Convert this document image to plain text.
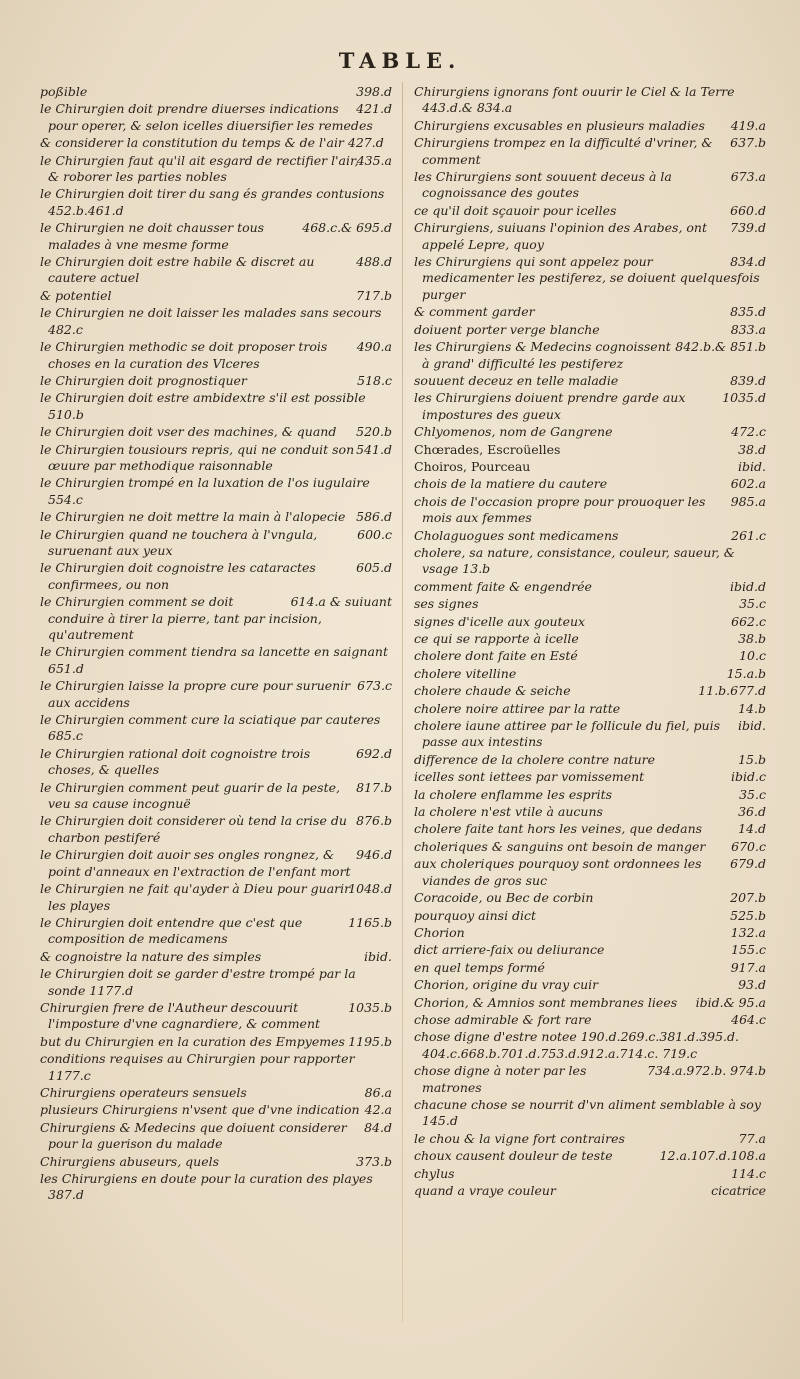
TABLE.
398.d
poßible
421.d
le Chirurgien doit prendre diuerses indications pour operer, & selon icelles diuersifier les remedes
& considerer la constitution du temps & de l'air 427.d
435.a
le Chirurgien faut qu'il ait esgard de rectifier l'air, & roborer les parties nobles
le Chirurgien doit tirer du sang és grandes contusions 452.b.461.d
468.c.& 695.d
le Chirurgien ne doit chausser tous malades à vne mesme forme
488.d
le Chirurgien doit estre habile & discret au cautere actuel
717.b
& potentiel
le Chirurgien ne doit laisser les malades sans secours 482.c
490.a
le Chirurgien methodic se doit proposer trois choses en la curation des Vlceres
518.c
le Chirurgien doit prognostiquer
le Chirurgien doit estre ambidextre s'il est possible 510.b
520.b
le Chirurgien doit vser des machines, & quand
541.d
le Chirurgien tousiours repris, qui ne conduit son œuure par methodique raisonnable
le Chirurgien trompé en la luxation de l'os iugulaire 554.c
586.d
le Chirurgien ne doit mettre la main à l'alopecie
600.c
le Chirurgien quand ne touchera à l'vngula, suruenant aux yeux
605.d
le Chirurgien doit cognoistre les cataractes confirmees, ou non
614.a & suiuant
le Chirurgien comment se doit conduire à tirer la pierre, tant par incision, qu'autrement
le Chirurgien comment tiendra sa lancette en saignant 651.d
673.c
le Chirurgien laisse la propre cure pour suruenir aux accidens
le Chirurgien comment cure la sciatique par cauteres 685.c
692.d
le Chirurgien rational doit cognoistre trois choses, & quelles
817.b
le Chirurgien comment peut guarir de la peste, veu sa cause incognuë
876.b
le Chirurgien doit considerer où tend la crise du charbon pestiferé
946.d
le Chirurgien doit auoir ses ongles rongnez, & point d'anneaux en l'extraction de l'enfant mort
1048.d
le Chirurgien ne fait qu'ayder à Dieu pour guarir les playes
1165.b
le Chirurgien doit entendre que c'est que composition de medicamens
ibid.
& cognoistre la nature des simples
le Chirurgien doit se garder d'estre trompé par la sonde 1177.d
1035.b
Chirurgien frere de l'Autheur descouurit l'imposture d'vne cagnardiere, & comment
1195.b
but du Chirurgien en la curation des Empyemes
conditions requises au Chirurgien pour rapporter 1177.c
86.a
Chirurgiens operateurs sensuels
42.a
plusieurs Chirurgiens n'vsent que d'vne indication
84.d
Chirurgiens & Medecins que doiuent considerer pour la guerison du malade
373.b
Chirurgiens abuseurs, quels
les Chirurgiens en doute pour la curation des playes 387.d
Chirurgiens ignorans font ouurir le Ciel & la Terre 443.d.& 834.a
419.a
Chirurgiens excusables en plusieurs maladies
637.b
Chirurgiens trompez en la difficulté d'vriner, & comment
673.a
les Chirurgiens sont souuent deceus à la cognoissance des goutes
660.d
ce qu'il doit sçauoir pour icelles
739.d
Chirurgiens, suiuans l'opinion des Arabes, ont appelé Lepre, quoy
834.d
les Chirurgiens qui sont appelez pour medicamenter les pestiferez, se doiuent quelquesfois purger
835.d
& comment garder
833.a
doiuent porter verge blanche
842.b.& 851.b
les Chirurgiens & Medecins cognoissent à grand' difficulté les pestiferez
839.d
souuent deceuz en telle maladie
1035.d
les Chirurgiens doiuent prendre garde aux impostures des gueux
472.c
Chlyomenos, nom de Gangrene
38.d
Chœrades, Escroüelles
ibid.
Choiros, Pourceau
602.a
chois de la matiere du cautere
985.a
chois de l'occasion propre pour prouoquer les mois aux femmes
261.c
Cholaguogues sont medicamens
cholere, sa nature, consistance, couleur, saueur, & vsage 13.b
ibid.d
comment faite & engendrée
35.c
ses signes
662.c
signes d'icelle aux gouteux
38.b
ce qui se rapporte à icelle
10.c
cholere dont faite en Esté
15.a.b
cholere vitelline
11.b.677.d
cholere chaude & seiche
14.b
cholere noire attiree par la ratte
ibid.
cholere iaune attiree par le follicule du fiel, puis passe aux intestins
15.b
difference de la cholere contre nature
ibid.c
icelles sont iettees par vomissement
35.c
la cholere enflamme les esprits
36.d
la cholere n'est vtile à aucuns
14.d
cholere faite tant hors les veines, que dedans
670.c
choleriques & sanguins ont besoin de manger
679.d
aux choleriques pourquoy sont ordonnees les viandes de gros suc
207.b
Coracoide, ou Bec de corbin
525.b
pourquoy ainsi dict
132.a
Chorion
155.c
dict arriere-faix ou deliurance
917.a
en quel temps formé
93.d
Chorion, origine du vray cuir
ibid.& 95.a
Chorion, & Amnios sont membranes liees
464.c
chose admirable & fort rare
chose digne d'estre notee 190.d.269.c.381.d.395.d. 404.c.668.b.701.d.753.d.912.a.714.c. 719.c
734.a.972.b. 974.b
chose digne à noter par les matrones
chacune chose se nourrit d'vn aliment semblable à soy 145.d
77.a
le chou & la vigne fort contraires
12.a.107.d.108.a
choux causent douleur de teste
114.c
chylus
cicatrice
quand a vraye couleur
